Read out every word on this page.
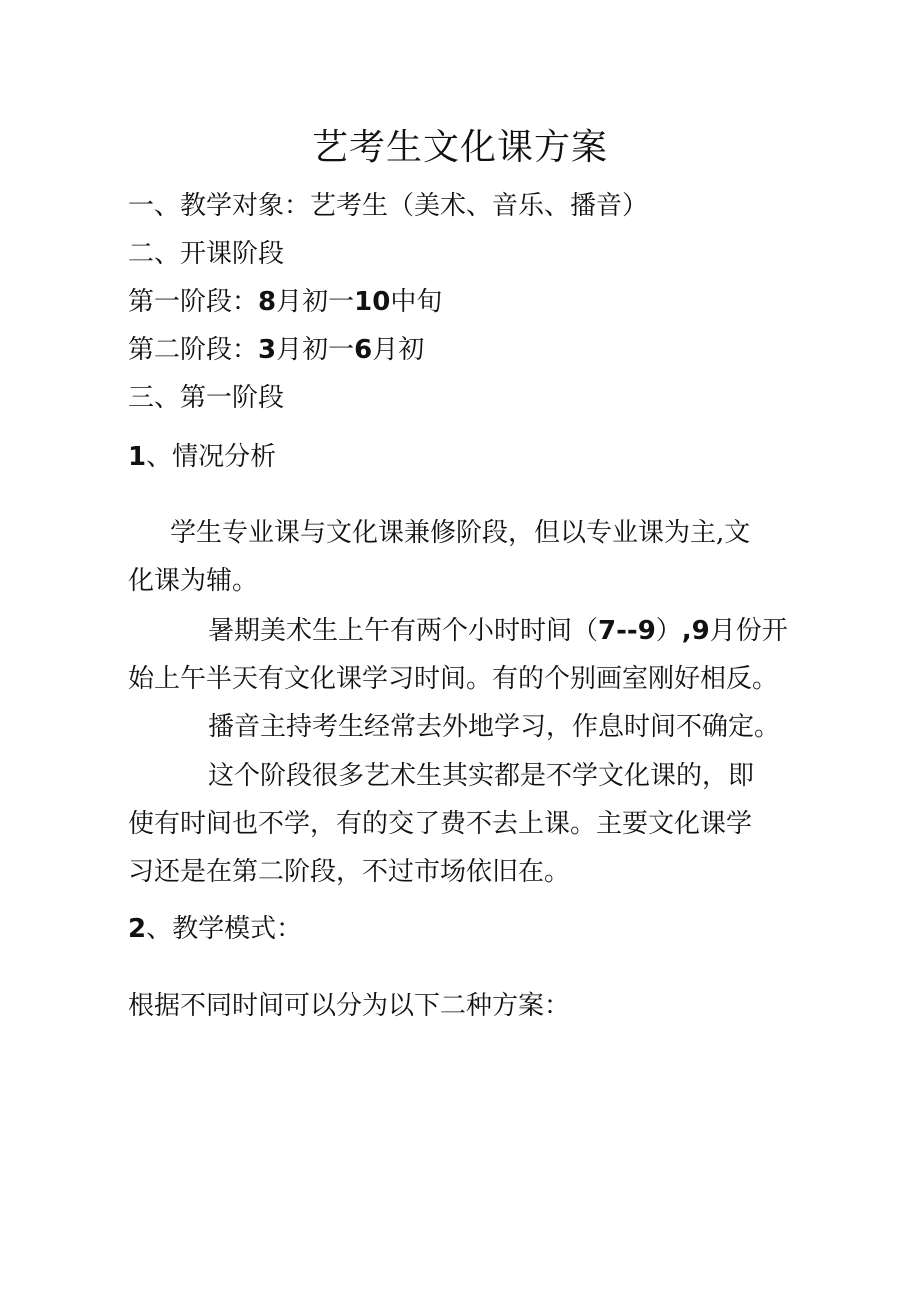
艺考生文化课方案
一、教学对象：艺考生（美术、音乐、播音）
二、开课阶段
第一阶段：8月初一10中旬
第二阶段：3月初一6月初
三、第一阶段
1、情况分析
学生专业课与文化课兼修阶段，但以专业课为主,文
化课为辅。
暑期美术生上午有两个小时时间（7--9）,9月份开
始上午半天有文化课学习时间。有的个别画室刚好相反。
播音主持考生经常去外地学习，作息时间不确定。
这个阶段很多艺术生其实都是不学文化课的，即
使有时间也不学，有的交了费不去上课。主要文化课学
习还是在第二阶段，不过市场依旧在。
2、教学模式：
根据不同时间可以分为以下二种方案：
